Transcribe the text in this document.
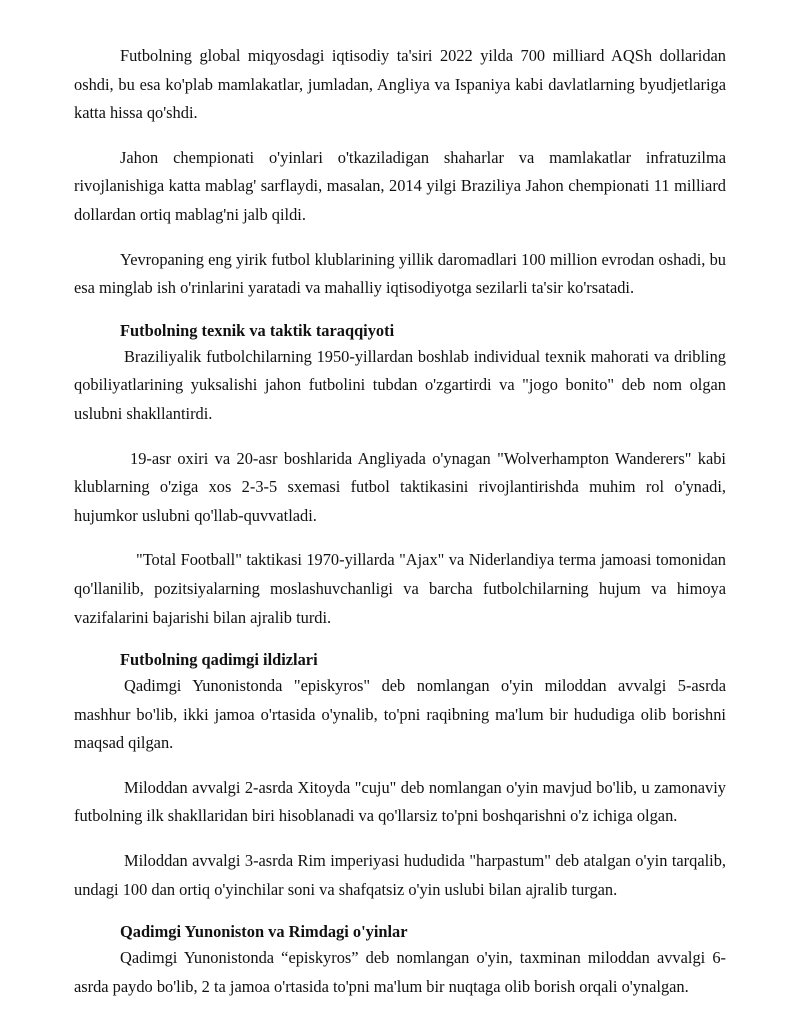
Futbolning global miqyosdagi iqtisodiy ta'siri 2022 yilda 700 milliard AQSh dollaridan oshdi, bu esa ko'plab mamlakatlar, jumladan, Angliya va Ispaniya kabi davlatlarning byudjetlariga katta hissa qo'shdi.

Jahon chempionati o'yinlari o'tkaziladigan shaharlar va mamlakatlar infratuzilma rivojlanishiga katta mablag' sarflaydi, masalan, 2014 yilgi Braziliya Jahon chempionati 11 milliard dollardan ortiq mablag'ni jalb qildi.

Yevropaning eng yirik futbol klublarining yillik daromadlari 100 million evrodan oshadi, bu esa minglab ish o'rinlarini yaratadi va mahalliy iqtisodiyotga sezilarli ta'sir ko'rsatadi.

Futbolning texnik va taktik taraqqiyoti

Braziliyalik futbolchilarning 1950-yillardan boshlab individual texnik mahorati va dribling qobiliyatlarining yuksalishi jahon futbolini tubdan o'zgartirdi va "jogo bonito" deb nom olgan uslubni shakllantirdi.

19-asr oxiri va 20-asr boshlarida Angliyada o'ynagan "Wolverhampton Wanderers" kabi klublarning o'ziga xos 2-3-5 sxemasi futbol taktikasini rivojlantirishda muhim rol o'ynadi, hujumkor uslubni qo'llab-quvvatladi.

"Total Football" taktikasi 1970-yillarda "Ajax" va Niderlandiya terma jamoasi tomonidan qo'llanilib, pozitsiyalarning moslashuvchanligi va barcha futbolchilarning hujum va himoya vazifalarini bajarishi bilan ajralib turdi.

Futbolning qadimgi ildizlari

Qadimgi Yunonistonda "episkyros" deb nomlangan o'yin miloddan avvalgi 5-asrda mashhur bo'lib, ikki jamoa o'rtasida o'ynalib, to'pni raqibning ma'lum bir hududiga olib borishni maqsad qilgan.

Miloddan avvalgi 2-asrda Xitoyda "cuju" deb nomlangan o'yin mavjud bo'lib, u zamonaviy futbolning ilk shakllaridan biri hisoblanadi va qo'llarsiz to'pni boshqarishni o'z ichiga olgan.

Miloddan avvalgi 3-asrda Rim imperiyasi hududida "harpastum" deb atalgan o'yin tarqalib, undagi 100 dan ortiq o'yinchilar soni va shafqatsiz o'yin uslubi bilan ajralib turgan.

Qadimgi Yunoniston va Rimdagi o'yinlar

Qadimgi Yunonistonda “episkyros” deb nomlangan o'yin, taxminan miloddan avvalgi 6-asrda paydo bo'lib, 2 ta jamoa o'rtasida to'pni ma'lum bir nuqtaga olib borish orqali o'ynalgan.
